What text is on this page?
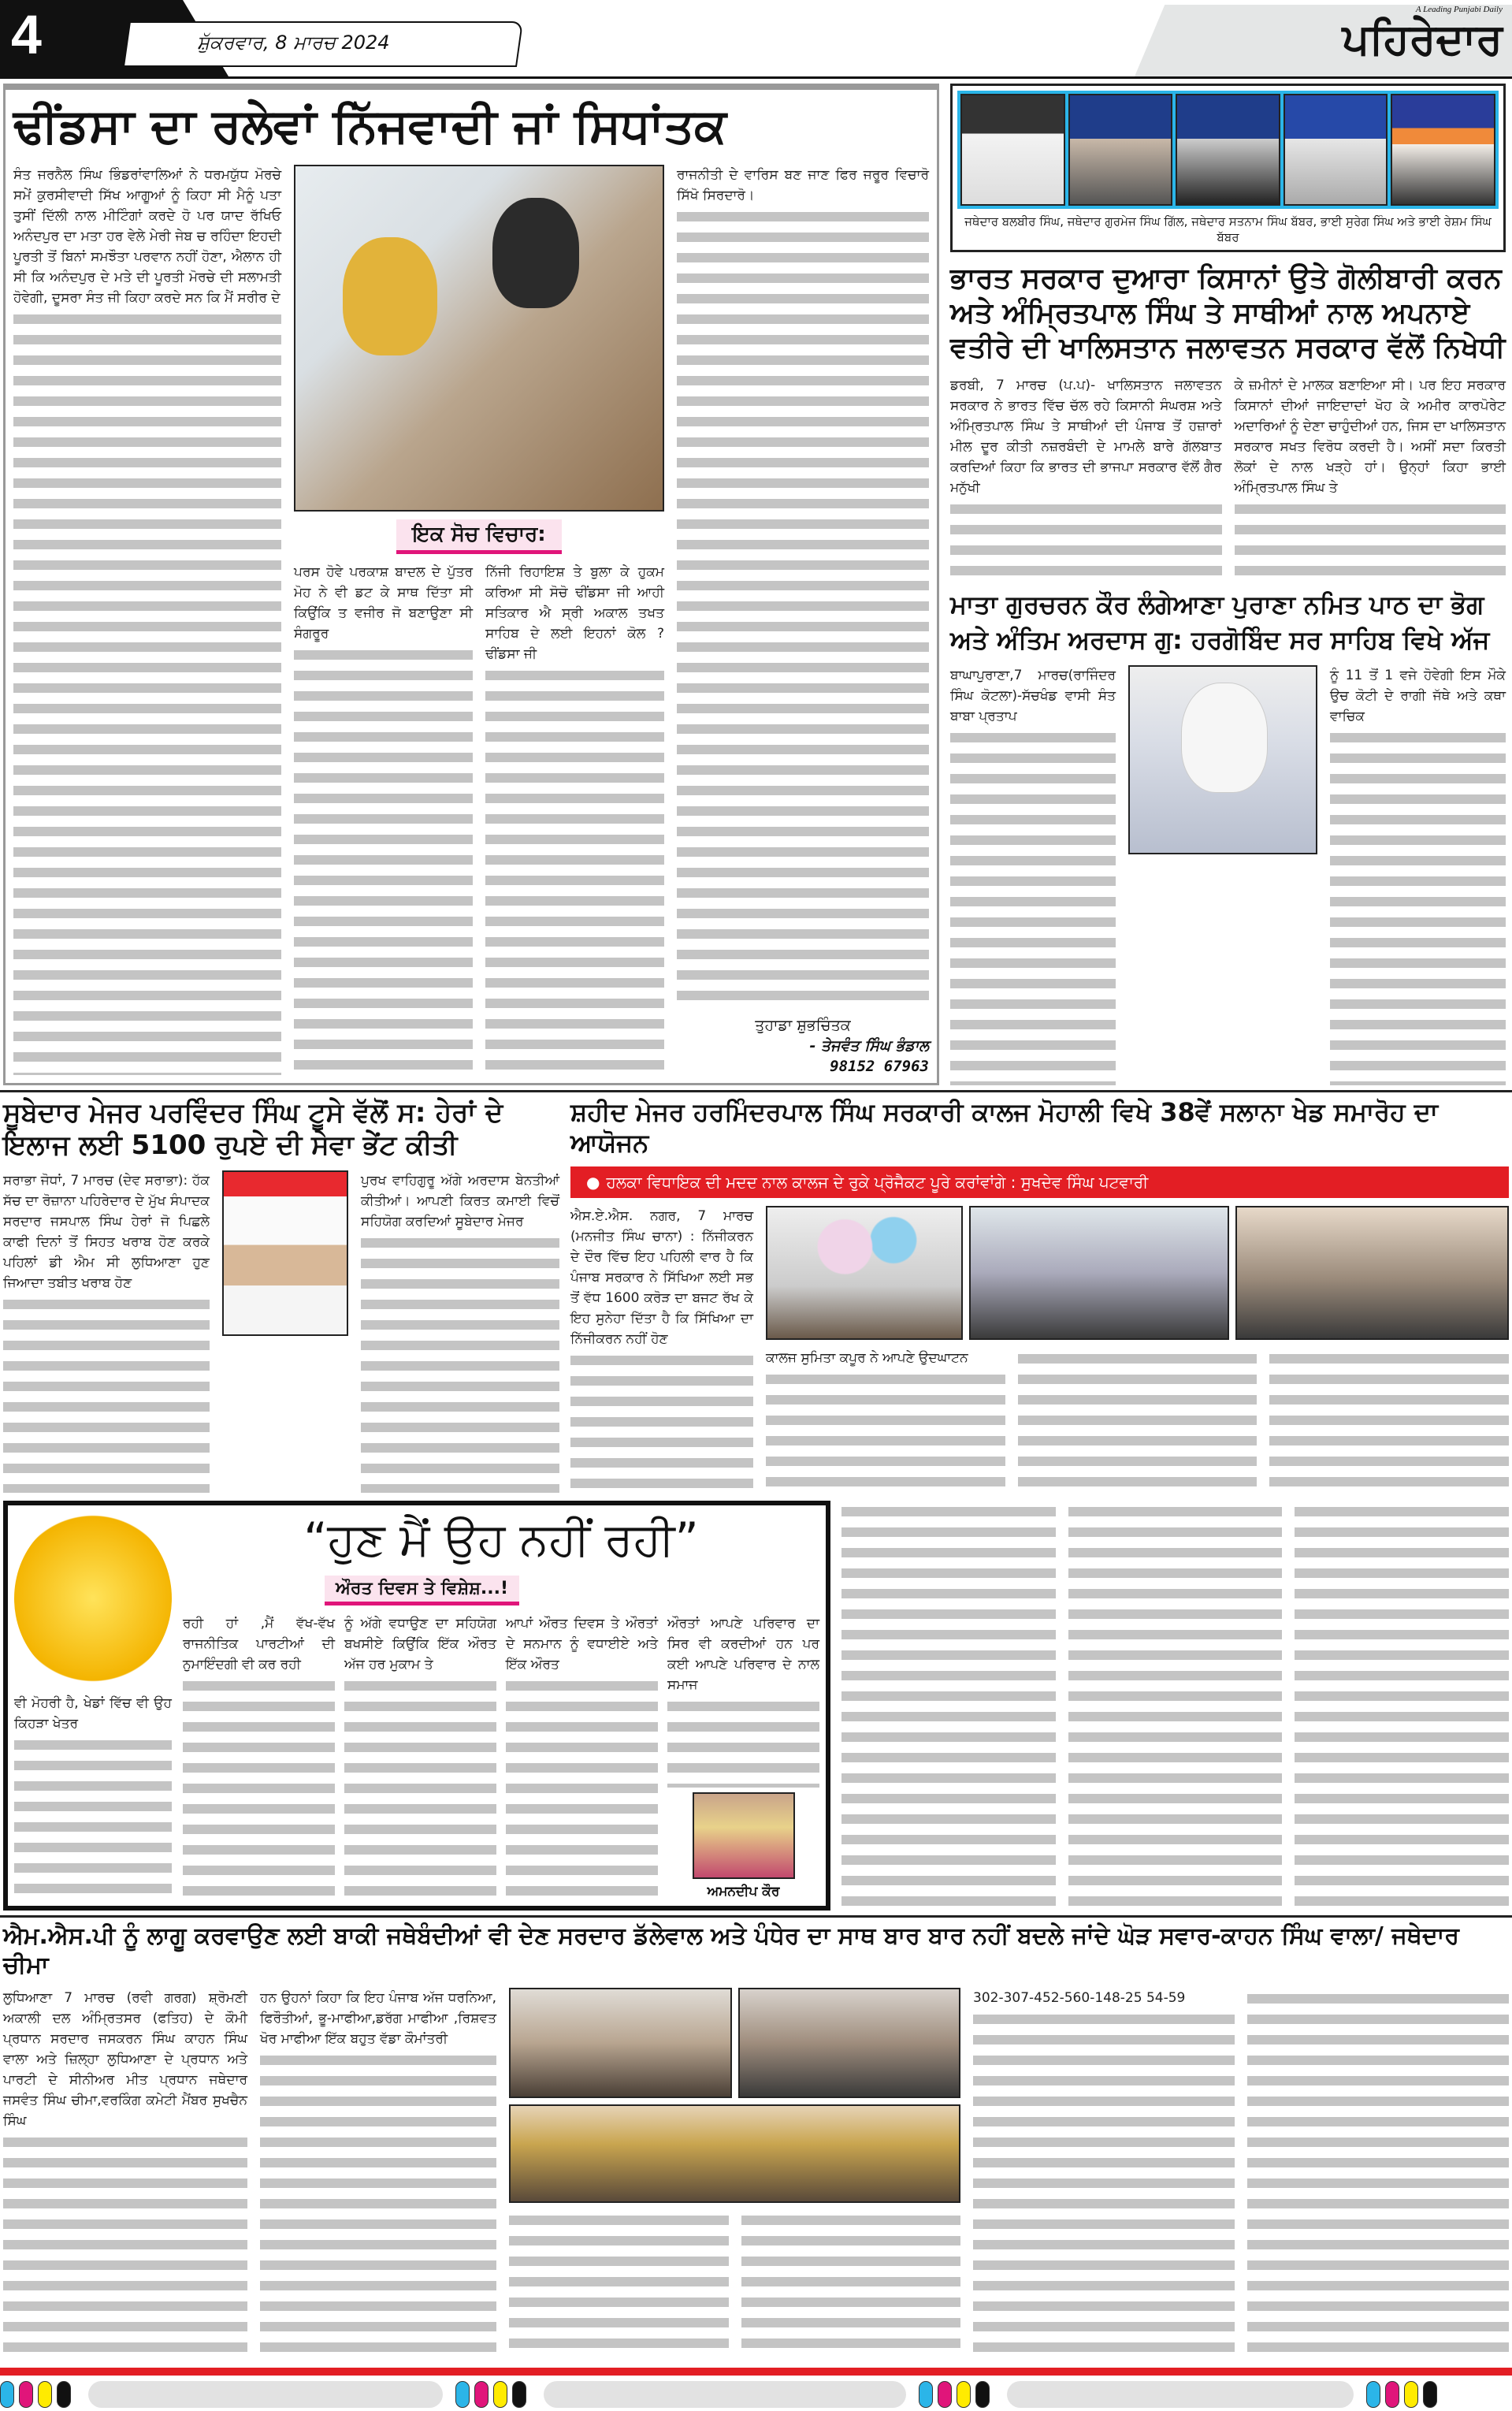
4	ਸ਼ੁੱਕਰਵਾਰ, 8 ਮਾਰਚ 2024
A Leading Punjabi Daily
ਪਹਿਰੇਦਾਰ
ਢੀਂਡਸਾ ਦਾ ਰਲੇਵਾਂ ਨਿੱਜਵਾਦੀ ਜਾਂ ਸਿਧਾਂਤਕ

ਸੰਤ ਜਰਨੈਲ ਸਿੰਘ ਭਿੰਡਰਾਂਵਾਲਿਆਂ ਨੇ ਧਰਮਯੁੱਧ ਮੋਰਚੇ ਸਮੇਂ ਕੁਰਸੀਵਾਦੀ ਸਿੱਖ ਆਗੂਆਂ ਨੂੰ ਕਿਹਾ ਸੀ ਮੈਨੂੰ ਪਤਾ ਤੁਸੀਂ ਦਿੱਲੀ ਨਾਲ ਮੀਟਿੰਗਾਂ ਕਰਦੇ ਹੋ ਪਰ ਯਾਦ ਰੱਖਿਓ ਅਨੰਦਪੁਰ ਦਾ ਮਤਾ ਹਰ ਵੇਲੇ ਮੇਰੀ ਜੇਬ ਚ ਰਹਿੰਦਾ ਇਹਦੀ ਪੂਰਤੀ ਤੋਂ ਬਿਨਾਂ ਸਮਝੌਤਾ ਪਰਵਾਨ ਨਹੀਂ ਹੋਣਾ, ਐਲਾਨ ਹੀ ਸੀ ਕਿ ਅਨੰਦਪੁਰ ਦੇ ਮਤੇ ਦੀ ਪੂਰਤੀ ਮੋਰਚੇ ਦੀ ਸਲਾਮਤੀ ਹੋਵੇਗੀ, ਦੂਸਰਾ ਸੰਤ ਜੀ ਕਿਹਾ ਕਰਦੇ ਸਨ ਕਿ ਮੈਂ ਸਰੀਰ ਦੇ

ਇਕ ਸੋਚ ਵਿਚਾਰ:

ਪਰਸ ਹੋਵੇ ਪਰਕਾਸ਼ ਬਾਦਲ ਦੇ ਪੁੱਤਰ ਮੋਹ ਨੇ ਵੀ ਡਟ ਕੇ ਸਾਥ ਦਿੱਤਾ ਸੀ ਕਿਉਂਕਿ ਤ ਵਜੀਰ ਜੋ ਬਣਾਉਣਾ ਸੀ ਸੰਗਰੂਰ

ਨਿੱਜੀ ਰਿਹਾਇਸ਼ ਤੇ ਬੁਲਾ ਕੇ ਹੁਕਮ ਕਰਿਆ ਸੀ ਸੋਚੋ ਢੀਂਡਸਾ ਜੀ ਆਹੀ ਸਤਿਕਾਰ ਐ ਸ੍ਰੀ ਅਕਾਲ ਤਖਤ ਸਾਹਿਬ ਦੇ ਲਈ ਇਹਨਾਂ ਕੋਲ ? ਢੀਂਡਸਾ ਜੀ

ਰਾਜਨੀਤੀ ਦੇ ਵਾਰਿਸ ਬਣ ਜਾਣ ਫਿਰ ਜਰੂਰ ਵਿਚਾਰੋ ਸਿੱਖੋ ਸਿਰਦਾਰੋ।

ਤੁਹਾਡਾ ਸ਼ੁਭਚਿੰਤਕ
- ਤੇਜਵੰਤ ਸਿੰਘ ਭੰਡਾਲ
98152 67963
ਜਥੇਦਾਰ ਬਲਬੀਰ ਸਿੰਘ, ਜਥੇਦਾਰ ਗੁਰਮੇਜ ਸਿੰਘ ਗਿੱਲ, ਜਥੇਦਾਰ ਸਤਨਾਮ ਸਿੰਘ ਬੱਬਰ, ਭਾਈ ਸੁਰੇਗ ਸਿੰਘ ਅਤੇ ਭਾਈ ਰੇਸ਼ਮ ਸਿੰਘ ਬੱਬਰ
ਭਾਰਤ ਸਰਕਾਰ ਦੁਆਰਾ ਕਿਸਾਨਾਂ ਉਤੇ ਗੋਲੀਬਾਰੀ ਕਰਨ ਅਤੇ ਅੰਮ੍ਰਿਤਪਾਲ ਸਿੰਘ ਤੇ ਸਾਥੀਆਂ ਨਾਲ ਅਪਨਾਏ ਵਤੀਰੇ ਦੀ ਖਾਲਿਸਤਾਨ ਜਲਾਵਤਨ ਸਰਕਾਰ ਵੱਲੋਂ ਨਿਖੇਧੀ

ਡਰਬੀ, 7 ਮਾਰਚ (ਪ.ਪ)- ਖਾਲਿਸਤਾਨ ਜਲਾਵਤਨ ਸਰਕਾਰ ਨੇ ਭਾਰਤ ਵਿੱਚ ਚੱਲ ਰਹੇ ਕਿਸਾਨੀ ਸੰਘਰਸ਼ ਅਤੇ ਅੰਮ੍ਰਿਤਪਾਲ ਸਿੰਘ ਤੇ ਸਾਥੀਆਂ ਦੀ ਪੰਜਾਬ ਤੋਂ ਹਜ਼ਾਰਾਂ ਮੀਲ ਦੂਰ ਕੀਤੀ ਨਜ਼ਰਬੰਦੀ ਦੇ ਮਾਮਲੇ ਬਾਰੇ ਗੱਲਬਾਤ ਕਰਦਿਆਂ ਕਿਹਾ ਕਿ ਭਾਰਤ ਦੀ ਭਾਜਪਾ ਸਰਕਾਰ ਵੱਲੋਂ ਗੈਰ ਮਨੁੱਖੀ

ਕੇ ਜ਼ਮੀਨਾਂ ਦੇ ਮਾਲਕ ਬਣਾਇਆ ਸੀ। ਪਰ ਇਹ ਸਰਕਾਰ ਕਿਸਾਨਾਂ ਦੀਆਂ ਜਾਇਦਾਦਾਂ ਖੋਹ ਕੇ ਅਮੀਰ ਕਾਰਪੋਰੇਟ ਅਦਾਰਿਆਂ ਨੂੰ ਦੇਣਾ ਚਾਹੁੰਦੀਆਂ ਹਨ, ਜਿਸ ਦਾ ਖਾਲਿਸਤਾਨ ਸਰਕਾਰ ਸਖਤ ਵਿਰੋਧ ਕਰਦੀ ਹੈ। ਅਸੀਂ ਸਦਾ ਕਿਰਤੀ ਲੋਕਾਂ ਦੇ ਨਾਲ ਖੜ੍ਹੇ ਹਾਂ। ਉਨ੍ਹਾਂ ਕਿਹਾ ਭਾਈ ਅੰਮ੍ਰਿਤਪਾਲ ਸਿੰਘ ਤੇ

ਮਾਤਾ ਗੁਰਚਰਨ ਕੌਰ ਲੰਗੇਆਣਾ ਪੁਰਾਣਾ ਨਮਿਤ ਪਾਠ ਦਾ ਭੋਗ
ਅਤੇ ਅੰਤਿਮ ਅਰਦਾਸ ਗੁ: ਹਰਗੋਬਿੰਦ ਸਰ ਸਾਹਿਬ ਵਿਖੇ ਅੱਜ

ਬਾਘਾਪੁਰਾਣਾ,7 ਮਾਰਚ(ਰਾਜਿੰਦਰ ਸਿੰਘ ਕੋਟਲਾ)-ਸੱਚਖੰਡ ਵਾਸੀ ਸੰਤ ਬਾਬਾ ਪ੍ਰਤਾਪ

ਨੂੰ 11 ਤੋਂ 1 ਵਜੇ ਹੋਵੇਗੀ ਇਸ ਮੌਕੇ ਉਚ ਕੋਟੀ ਦੇ ਰਾਗੀ ਜੱਥੇ ਅਤੇ ਕਥਾ ਵਾਚਿਕ

ਸੂਬੇਦਾਰ ਮੇਜਰ ਪਰਵਿੰਦਰ ਸਿੰਘ ਟੂਸੇ ਵੱਲੋਂ ਸ: ਹੇਰਾਂ ਦੇ ਇਲਾਜ ਲਈ 5100 ਰੁਪਏ ਦੀ ਸੇਵਾ ਭੇਂਟ ਕੀਤੀ

ਸਰਾਭਾ ਜੋਧਾਂ, 7 ਮਾਰਚ (ਦੇਵ ਸਰਾਭਾ): ਹੱਕ ਸੱਚ ਦਾ ਰੋਜ਼ਾਨਾ ਪਹਿਰੇਦਾਰ ਦੇ ਮੁੱਖ ਸੰਪਾਦਕ ਸਰਦਾਰ ਜਸਪਾਲ ਸਿੰਘ ਹੇਰਾਂ ਜੋ ਪਿਛਲੇ ਕਾਫੀ ਦਿਨਾਂ ਤੋਂ ਸਿਹਤ ਖਰਾਬ ਹੋਣ ਕਰਕੇ ਪਹਿਲਾਂ ਡੀ ਐਮ ਸੀ ਲੁਧਿਆਣਾ ਹੁਣ ਜਿਆਦਾ ਤਬੀਤ ਖਰਾਬ ਹੋਣ

ਪੁਰਖ ਵਾਹਿਗੁਰੂ ਅੱਗੇ ਅਰਦਾਸ ਬੇਨਤੀਆਂ ਕੀਤੀਆਂ। ਆਪਣੀ ਕਿਰਤ ਕਮਾਈ ਵਿਚੋਂ ਸਹਿਯੋਗ ਕਰਦਿਆਂ ਸੂਬੇਦਾਰ ਮੇਜਰ

ਸ਼ਹੀਦ ਮੇਜਰ ਹਰਮਿੰਦਰਪਾਲ ਸਿੰਘ ਸਰਕਾਰੀ ਕਾਲਜ ਮੋਹਾਲੀ ਵਿਖੇ 38ਵੇਂ ਸਲਾਨਾ ਖੇਡ ਸਮਾਰੋਹ ਦਾ ਆਯੋਜਨ
● ਹਲਕਾ ਵਿਧਾਇਕ ਦੀ ਮਦਦ ਨਾਲ ਕਾਲਜ ਦੇ ਰੁਕੇ ਪ੍ਰੋਜੈਕਟ ਪੂਰੇ ਕਰਾਂਵਾਂਗੇ : ਸੁਖਦੇਵ ਸਿੰਘ ਪਟਵਾਰੀ

ਐਸ.ਏ.ਐਸ. ਨਗਰ, 7 ਮਾਰਚ (ਮਨਜੀਤ ਸਿੰਘ ਚਾਨਾ) : ਨਿੱਜੀਕਰਨ ਦੇ ਦੌਰ ਵਿੱਚ ਇਹ ਪਹਿਲੀ ਵਾਰ ਹੈ ਕਿ ਪੰਜਾਬ ਸਰਕਾਰ ਨੇ ਸਿੱਖਿਆ ਲਈ ਸਭ ਤੋਂ ਵੱਧ 1600 ਕਰੋੜ ਦਾ ਬਜਟ ਰੱਖ ਕੇ ਇਹ ਸੁਨੇਹਾ ਦਿੱਤਾ ਹੈ ਕਿ ਸਿੱਖਿਆ ਦਾ ਨਿੱਜੀਕਰਨ ਨਹੀਂ ਹੋਣ

ਕਾਲਜ ਸੁਮਿਤਾ ਕਪੂਰ ਨੇ ਆਪਣੇ ਉਦਘਾਟਨ

ਵੀ ਮੋਹਰੀ ਹੈ, ਖੇਡਾਂ ਵਿੱਚ ਵੀ ਉਹ ਕਿਹੜਾ ਖੇਤਰ

“ਹੁਣ ਮੈਂ ਉਹ ਨਹੀਂ ਰਹੀ”
ਔਰਤ ਦਿਵਸ ਤੇ ਵਿਸ਼ੇਸ਼...!

ਰਹੀ ਹਾਂ ,ਮੈਂ ਵੱਖ-ਵੱਖ ਰਾਜਨੀਤਿਕ ਪਾਰਟੀਆਂ ਦੀ ਨੁਮਾਇੰਦਗੀ ਵੀ ਕਰ ਰਹੀ

ਨੂੰ ਅੱਗੇ ਵਧਾਉਣ ਦਾ ਸਹਿਯੋਗ ਬਖਸੀਏ ਕਿਉਂਕਿ ਇੱਕ ਔਰਤ ਅੱਜ ਹਰ ਮੁਕਾਮ ਤੇ

ਆਪਾਂ ਔਰਤ ਦਿਵਸ ਤੇ ਔਰਤਾਂ ਦੇ ਸਨਮਾਨ ਨੂੰ ਵਧਾਈਏ ਅਤੇ ਇੱਕ ਔਰਤ

ਔਰਤਾਂ ਆਪਣੇ ਪਰਿਵਾਰ ਦਾ ਸਿਰ ਵੀ ਕਰਦੀਆਂ ਹਨ ਪਰ ਕਈ ਆਪਣੇ ਪਰਿਵਾਰ ਦੇ ਨਾਲ ਸਮਾਜ

ਅਮਨਦੀਪ ਕੌਰ
ਐਮ.ਐਸ.ਪੀ ਨੂੰ ਲਾਗੂ ਕਰਵਾਉਣ ਲਈ ਬਾਕੀ ਜਥੇਬੰਦੀਆਂ ਵੀ ਦੇਣ ਸਰਦਾਰ ਡੱਲੇਵਾਲ ਅਤੇ ਪੰਧੇਰ ਦਾ ਸਾਥ ਬਾਰ ਬਾਰ ਨਹੀਂ ਬਦਲੇ ਜਾਂਦੇ ਘੋੜ ਸਵਾਰ-ਕਾਹਨ ਸਿੰਘ ਵਾਲਾ/ ਜਥੇਦਾਰ ਚੀਮਾ

ਲੁਧਿਆਣਾ 7 ਮਾਰਚ (ਰਵੀ ਗਰਗ) ਸ਼੍ਰੋਮਣੀ ਅਕਾਲੀ ਦਲ ਅੰਮ੍ਰਿਤਸਰ (ਫਤਿਹ) ਦੇ ਕੌਮੀ ਪ੍ਰਧਾਨ ਸਰਦਾਰ ਜਸਕਰਨ ਸਿੰਘ ਕਾਹਨ ਸਿੰਘ ਵਾਲਾ ਅਤੇ ਜ਼ਿਲ੍ਹਾ ਲੁਧਿਆਣਾ ਦੇ ਪ੍ਰਧਾਨ ਅਤੇ ਪਾਰਟੀ ਦੇ ਸੀਨੀਅਰ ਮੀਤ ਪ੍ਰਧਾਨ ਜਥੇਦਾਰ ਜਸਵੰਤ ਸਿੰਘ ਚੀਮਾ,ਵਰਕਿੰਗ ਕਮੇਟੀ ਮੈਂਬਰ ਸੁਖਚੈਨ ਸਿੰਘ

ਹਨ ਉਹਨਾਂ ਕਿਹਾ ਕਿ ਇਹ ਪੰਜਾਬ ਅੱਜ ਧਰਨਿਆ, ਫਿਰੌਤੀਆਂ, ਭੂ-ਮਾਫੀਆ,ਡਰੱਗ ਮਾਫੀਆ ,ਰਿਸ਼ਵਤ ਖੋਰ ਮਾਫੀਆ ਇੱਕ ਬਹੁਤ ਵੱਡਾ ਕੌਮਾਂਤਰੀ

302-307-452-560-148-25 54-59
